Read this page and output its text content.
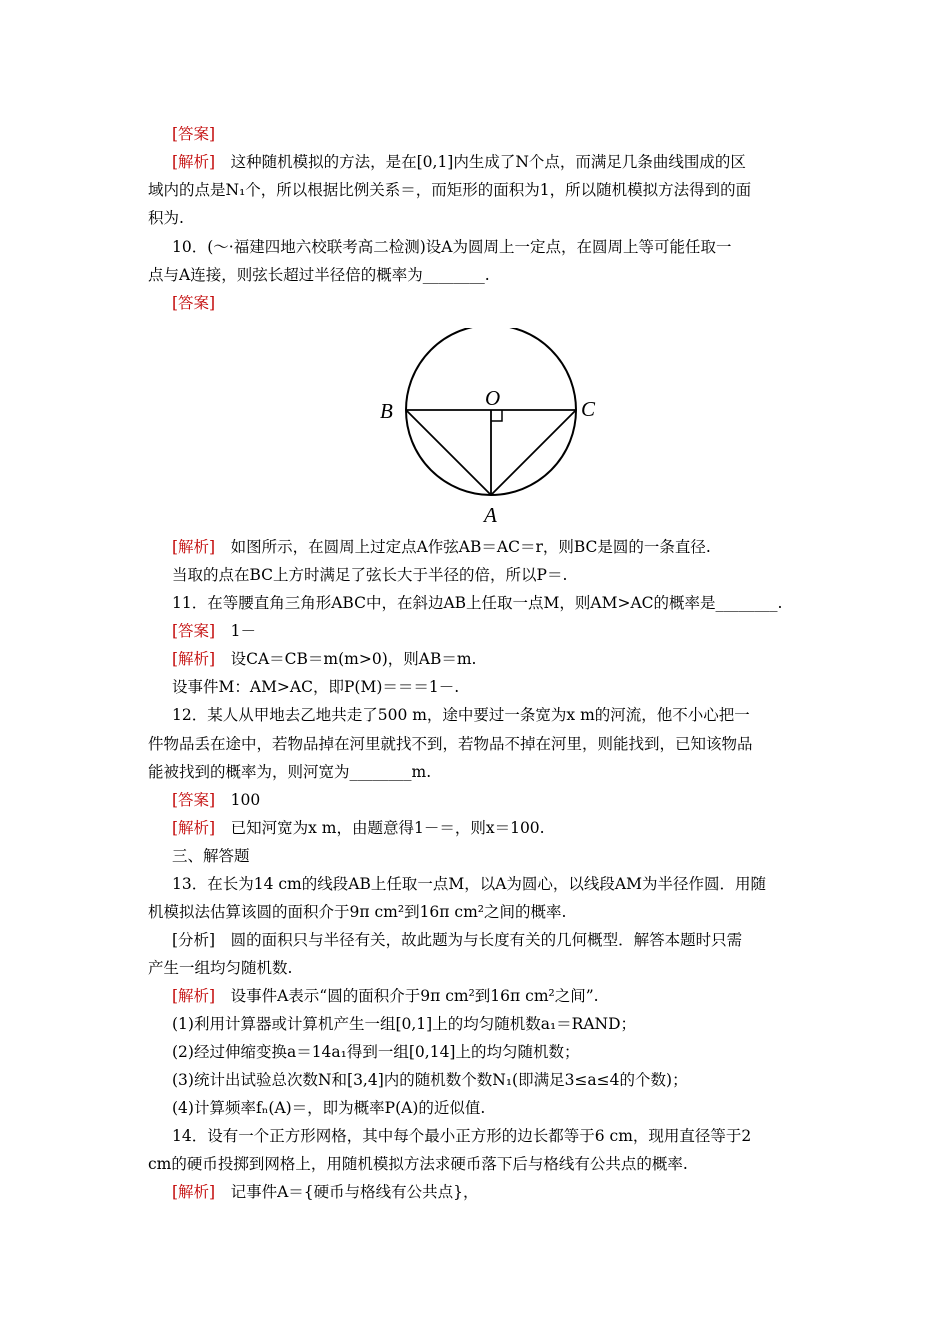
[答案]
[解析]　这种随机模拟的方法，是在[0,1]内生成了N个点，而满足几条曲线围成的区
域内的点是N₁个，所以根据比例关系＝，而矩形的面积为1，所以随机模拟方法得到的面
积为.
10．(～·福建四地六校联考高二检测)设A为圆周上一定点，在圆周上等可能任取一
点与A连接，则弦长超过半径倍的概率为________.
[答案]
B
O	C
A
[解析]　如图所示，在圆周上过定点A作弦AB＝AC＝r，则BC是圆的一条直径.
当取的点在BC上方时满足了弦长大于半径的倍，所以P＝.
11．在等腰直角三角形ABC中，在斜边AB上任取一点M，则AM>AC的概率是________.
[答案]　1－
[解析]　设CA＝CB＝m(m>0)，则AB＝m.
设事件M：AM>AC，即P(M)＝＝＝1－.
12．某人从甲地去乙地共走了500 m，途中要过一条宽为x m的河流，他不小心把一
件物品丢在途中，若物品掉在河里就找不到，若物品不掉在河里，则能找到，已知该物品
能被找到的概率为，则河宽为________m.
[答案]　100
[解析]　已知河宽为x m，由题意得1－＝，则x＝100.
三、解答题
13．在长为14 cm的线段AB上任取一点M，以A为圆心，以线段AM为半径作圆．用随
机模拟法估算该圆的面积介于9π cm²到16π cm²之间的概率.
[分析]　圆的面积只与半径有关，故此题为与长度有关的几何概型．解答本题时只需
产生一组均匀随机数.
[解析]　设事件A表示“圆的面积介于9π cm²到16π cm²之间”.
(1)利用计算器或计算机产生一组[0,1]上的均匀随机数a₁＝RAND；
(2)经过伸缩变换a＝14a₁得到一组[0,14]上的均匀随机数；
(3)统计出试验总次数N和[3,4]内的随机数个数N₁(即满足3≤a≤4的个数)；
(4)计算频率fₙ(A)＝，即为概率P(A)的近似值.
14．设有一个正方形网格，其中每个最小正方形的边长都等于6 cm，现用直径等于2
cm的硬币投掷到网格上，用随机模拟方法求硬币落下后与格线有公共点的概率.
[解析]　记事件A＝{硬币与格线有公共点}，
